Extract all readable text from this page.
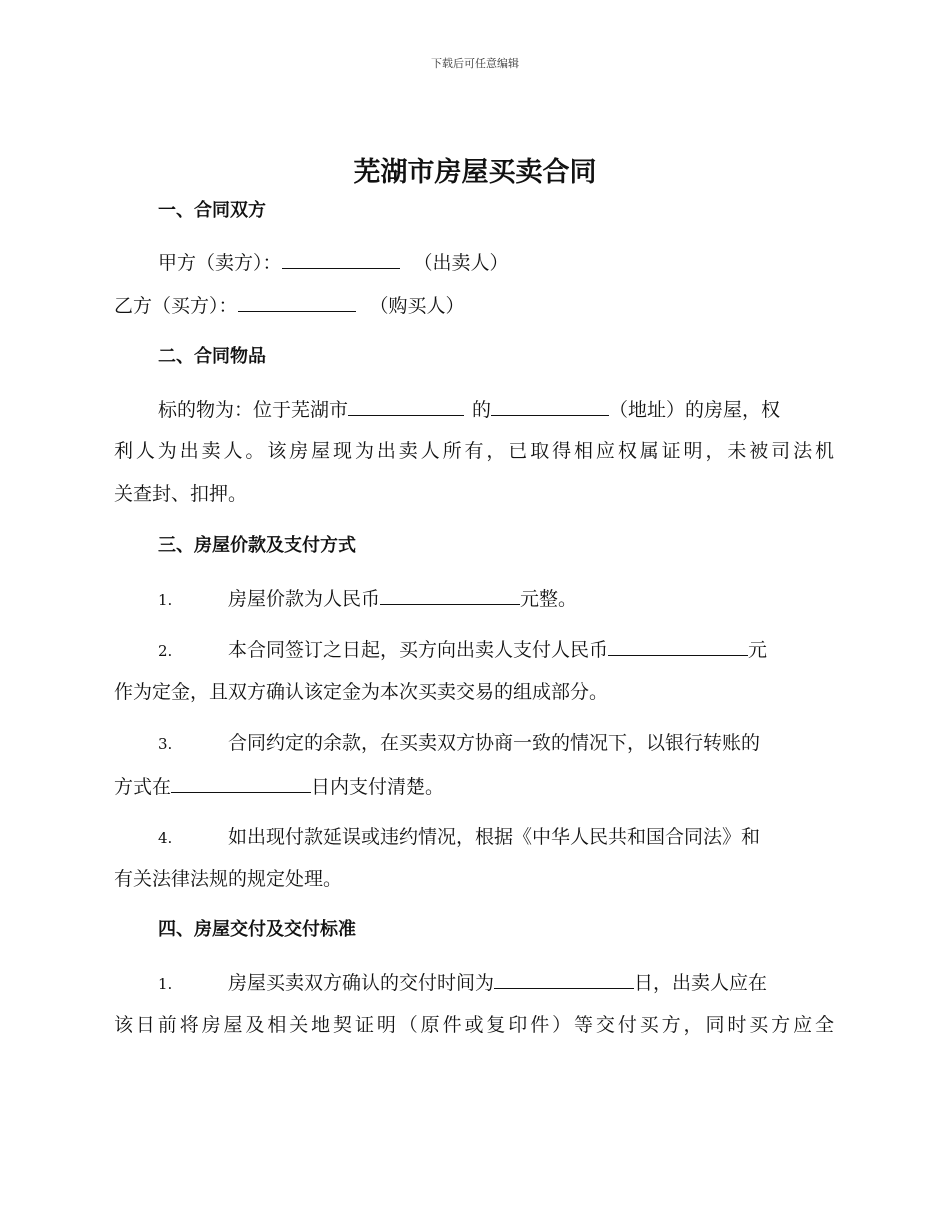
下载后可任意编辑
芜湖市房屋买卖合同
一、合同双方
甲方（卖方）：	（出卖人）
乙方（买方）：	（购买人）
二、合同物品
标的物为：位于芜湖市	的	（地址）的房屋，权
利人为出卖人。该房屋现为出卖人所有，已取得相应权属证明，未被司法机
关查封、扣押。
三、房屋价款及支付方式
1.	房屋价款为人民币	元整。
2.	本合同签订之日起，买方向出卖人支付人民币	元
作为定金，且双方确认该定金为本次买卖交易的组成部分。
3.	合同约定的余款，在买卖双方协商一致的情况下，以银行转账的
方式在	日内支付清楚。
4.	如出现付款延误或违约情况，根据《中华人民共和国合同法》和
有关法律法规的规定处理。
四、房屋交付及交付标准
1.	房屋买卖双方确认的交付时间为	日，出卖人应在
该日前将房屋及相关地契证明（原件或复印件）等交付买方，同时买方应全
